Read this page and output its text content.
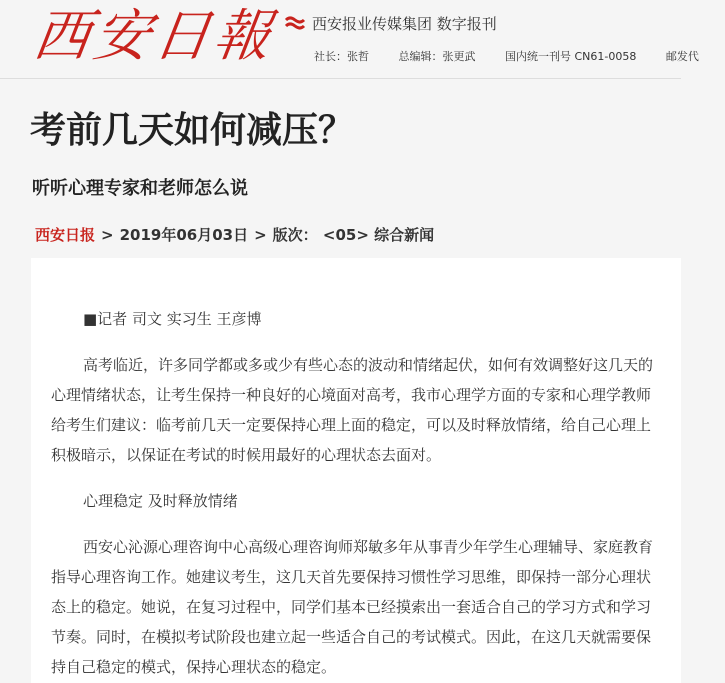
西安日報 西安报业传媒集团 数字报刊
社长：张哲	总编辑：张更武	国内统一刊号 CN61-0058	邮发代
考前几天如何减压？
听听心理专家和老师怎么说
西安日报 > 2019年06月03日 > 版次： <05> 综合新闻

■记者 司文 实习生 王彦博

高考临近，许多同学都或多或少有些心态的波动和情绪起伏，如何有效调整好这几天的心理情绪状态，让考生保持一种良好的心境面对高考，我市心理学方面的专家和心理学教师给考生们建议：临考前几天一定要保持心理上面的稳定，可以及时释放情绪，给自己心理上积极暗示，以保证在考试的时候用最好的心理状态去面对。

心理稳定 及时释放情绪

西安心沁源心理咨询中心高级心理咨询师郑敏多年从事青少年学生心理辅导、家庭教育指导心理咨询工作。她建议考生，这几天首先要保持习惯性学习思维，即保持一部分心理状态上的稳定。她说，在复习过程中，同学们基本已经摸索出一套适合自己的学习方式和学习节奏。同时，在模拟考试阶段也建立起一些适合自己的考试模式。因此，在这几天就需要保持自己稳定的模式，保持心理状态的稳定。
